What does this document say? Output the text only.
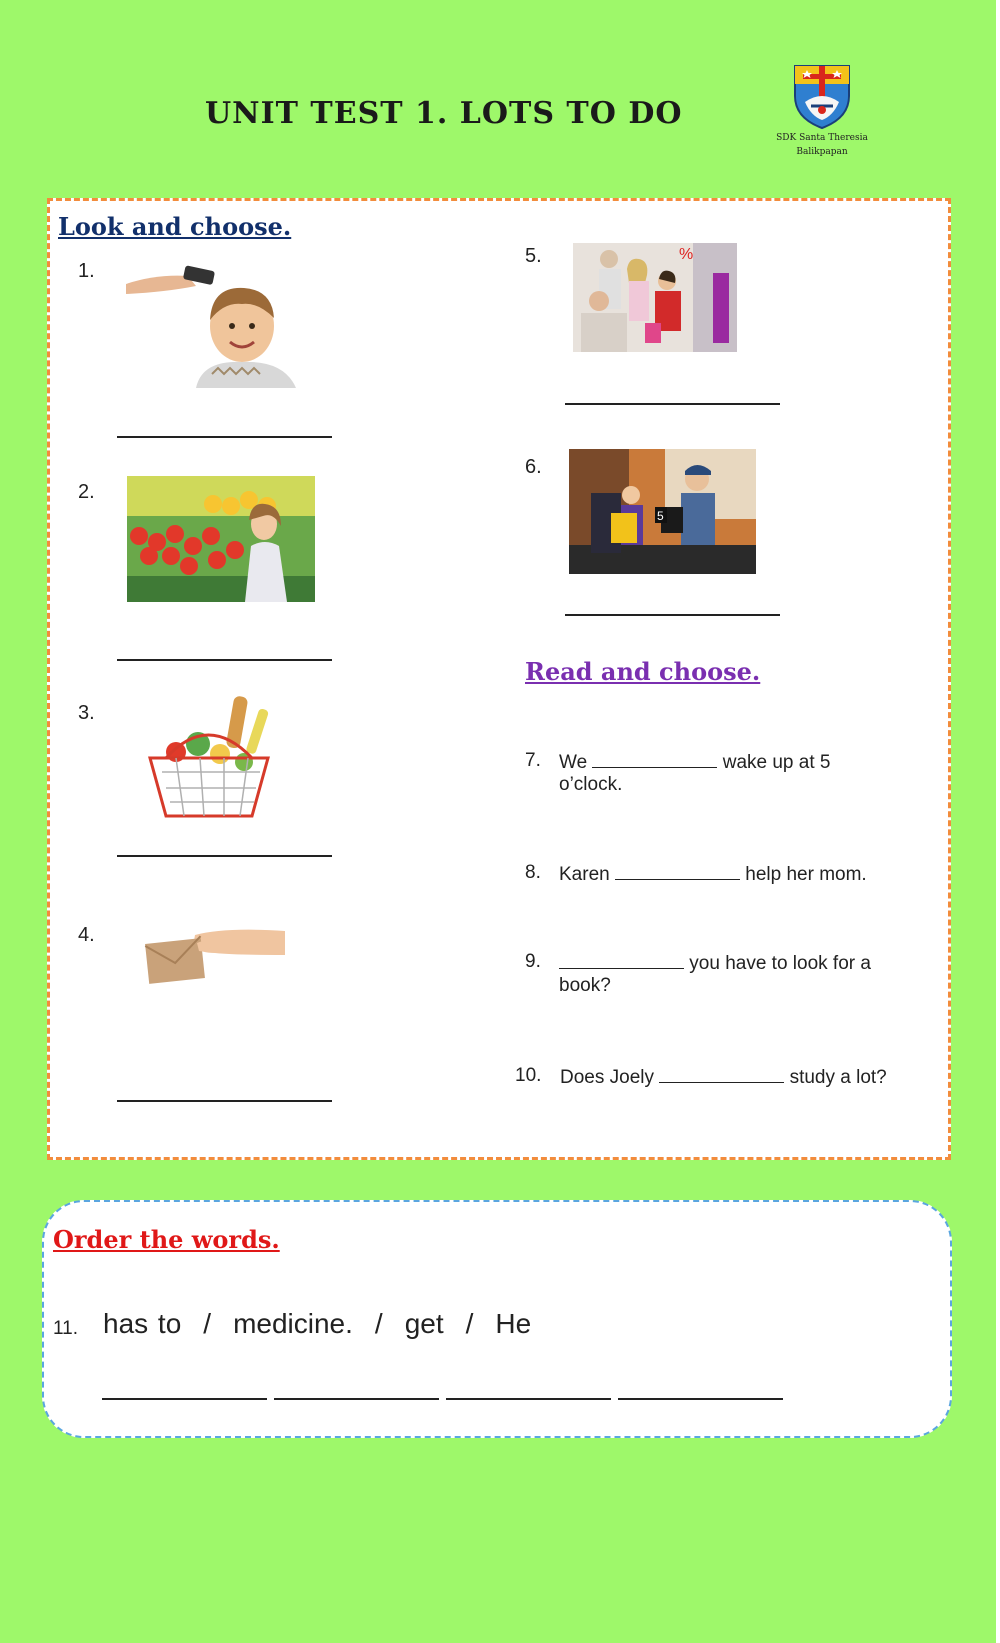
UNIT TEST 1. LOTS TO DO
SDK Santa Theresia
Balikpapan
Look and choose.
1.
2.
3.
4.
5.	%
6.
5
Read and choose.
7. We	wake up at 5
o’clock.
8. Karen	help her mom.
9.	you have to look for a
book?
10. Does Joely	study a lot?
Order the words.
11. has to / medicine. / get / He
